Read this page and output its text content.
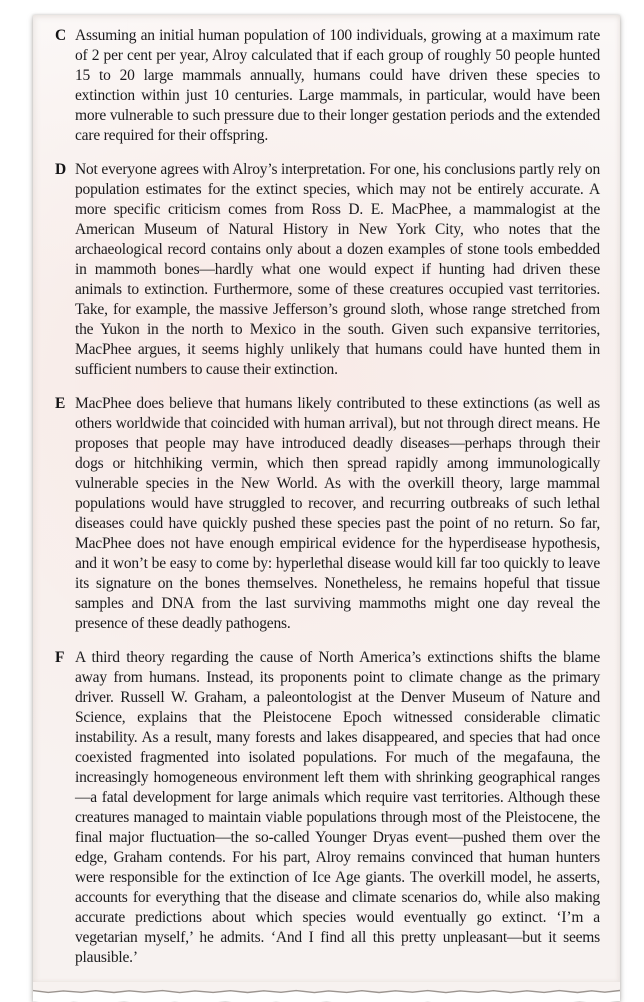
C Assuming an initial human population of 100 individuals, growing at a maximum rate of 2 per cent per year, Alroy calculated that if each group of roughly 50 people hunted 15 to 20 large mammals annually, humans could have driven these species to extinction within just 10 centuries. Large mammals, in particular, would have been more vulnerable to such pressure due to their longer gestation periods and the extended care required for their offspring.

D Not everyone agrees with Alroy’s interpretation. For one, his conclusions partly rely on population estimates for the extinct species, which may not be entirely accurate. A more specific criticism comes from Ross D. E. MacPhee, a mammalogist at the American Museum of Natural History in New York City, who notes that the archaeological record contains only about a dozen examples of stone tools embedded in mammoth bones—hardly what one would expect if hunting had driven these animals to extinction. Furthermore, some of these creatures occupied vast territories. Take, for example, the massive Jefferson’s ground sloth, whose range stretched from the Yukon in the north to Mexico in the south. Given such expansive territories, MacPhee argues, it seems highly unlikely that humans could have hunted them in sufficient numbers to cause their extinction.

E MacPhee does believe that humans likely contributed to these extinctions (as well as others worldwide that coincided with human arrival), but not through direct means. He proposes that people may have introduced deadly diseases—perhaps through their dogs or hitchhiking vermin, which then spread rapidly among immunologically vulnerable species in the New World. As with the overkill theory, large mammal populations would have struggled to recover, and recurring outbreaks of such lethal diseases could have quickly pushed these species past the point of no return. So far, MacPhee does not have enough empirical evidence for the hyperdisease hypothesis, and it won’t be easy to come by: hyperlethal disease would kill far too quickly to leave its signature on the bones themselves. Nonetheless, he remains hopeful that tissue samples and DNA from the last surviving mammoths might one day reveal the presence of these deadly pathogens.

F A third theory regarding the cause of North America’s extinctions shifts the blame away from humans. Instead, its proponents point to climate change as the primary driver. Russell W. Graham, a paleontologist at the Denver Museum of Nature and Science, explains that the Pleistocene Epoch witnessed considerable climatic instability. As a result, many forests and lakes disappeared, and species that had once coexisted fragmented into isolated populations. For much of the megafauna, the increasingly homogeneous environment left them with shrinking geographical ranges—a fatal development for large animals which require vast territories. Although these creatures managed to maintain viable populations through most of the Pleistocene, the final major fluctuation—the so-called Younger Dryas event—pushed them over the edge, Graham contends. For his part, Alroy remains convinced that human hunters were responsible for the extinction of Ice Age giants. The overkill model, he asserts, accounts for everything that the disease and climate scenarios do, while also making accurate predictions about which species would eventually go extinct. ‘I’m a vegetarian myself,’ he admits. ‘And I find all this pretty unpleasant—but it seems plausible.’
